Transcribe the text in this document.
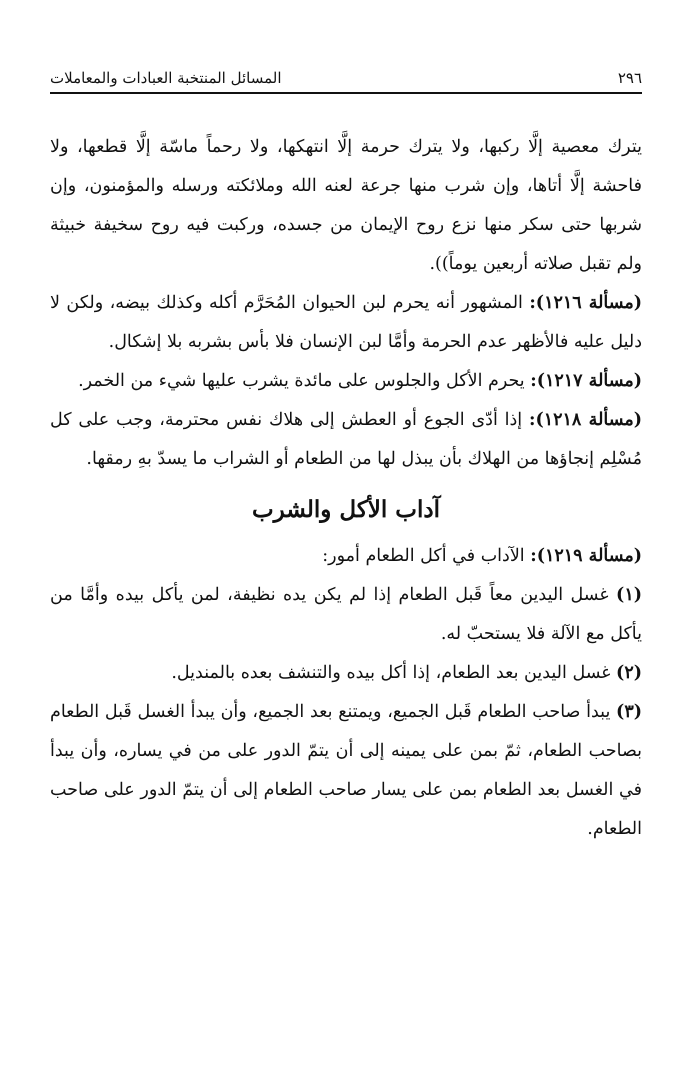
٢٩٦
المسائل المنتخبة العبادات والمعاملات

يترك معصية إلَّا ركبها، ولا يترك حرمة إلَّا انتهكها، ولا رحماً ماسّة إلَّا قطعها، ولا فاحشة إلَّا أتاها، وإن شرب منها جرعة لعنه الله وملائكته ورسله والمؤمنون، وإن شربها حتى سكر منها نزع روح الإيمان من جسده، وركبت فيه روح سخيفة خبيثة ولم تقبل صلاته أربعين يوماً)).

(مسألة ١٢١٦): المشهور أنه يحرم لبن الحيوان المُحَرَّم أكله وكذلك بيضه، ولكن لا دليل عليه فالأظهر عدم الحرمة وأمَّا لبن الإنسان فلا بأس بشربه بلا إشكال.

(مسألة ١٢١٧): يحرم الأكل والجلوس على مائدة يشرب عليها شيء من الخمر.

(مسألة ١٢١٨): إذا أدّى الجوع أو العطش إلى هلاك نفس محترمة، وجب على كل مُسْلِم إنجاؤها من الهلاك بأن يبذل لها من الطعام أو الشراب ما يسدّ بهِ رمقها.

آداب الأكل والشرب

(مسألة ١٢١٩): الآداب في أكل الطعام أمور:

(١) غسل اليدين معاً قَبل الطعام إذا لم يكن يده نظيفة، لمن يأكل بيده وأمَّا من يأكل مع الآلة فلا يستحبّ له.

(٢) غسل اليدين بعد الطعام، إذا أكل بيده والتنشف بعده بالمنديل.

(٣) يبدأ صاحب الطعام قَبل الجميع، ويمتنع بعد الجميع، وأن يبدأ الغسل قَبل الطعام بصاحب الطعام، ثمّ بمن على يمينه إلى أن يتمّ الدور على من في يساره، وأن يبدأ في الغسل بعد الطعام بمن على يسار صاحب الطعام إلى أن يتمّ الدور على صاحب الطعام.
